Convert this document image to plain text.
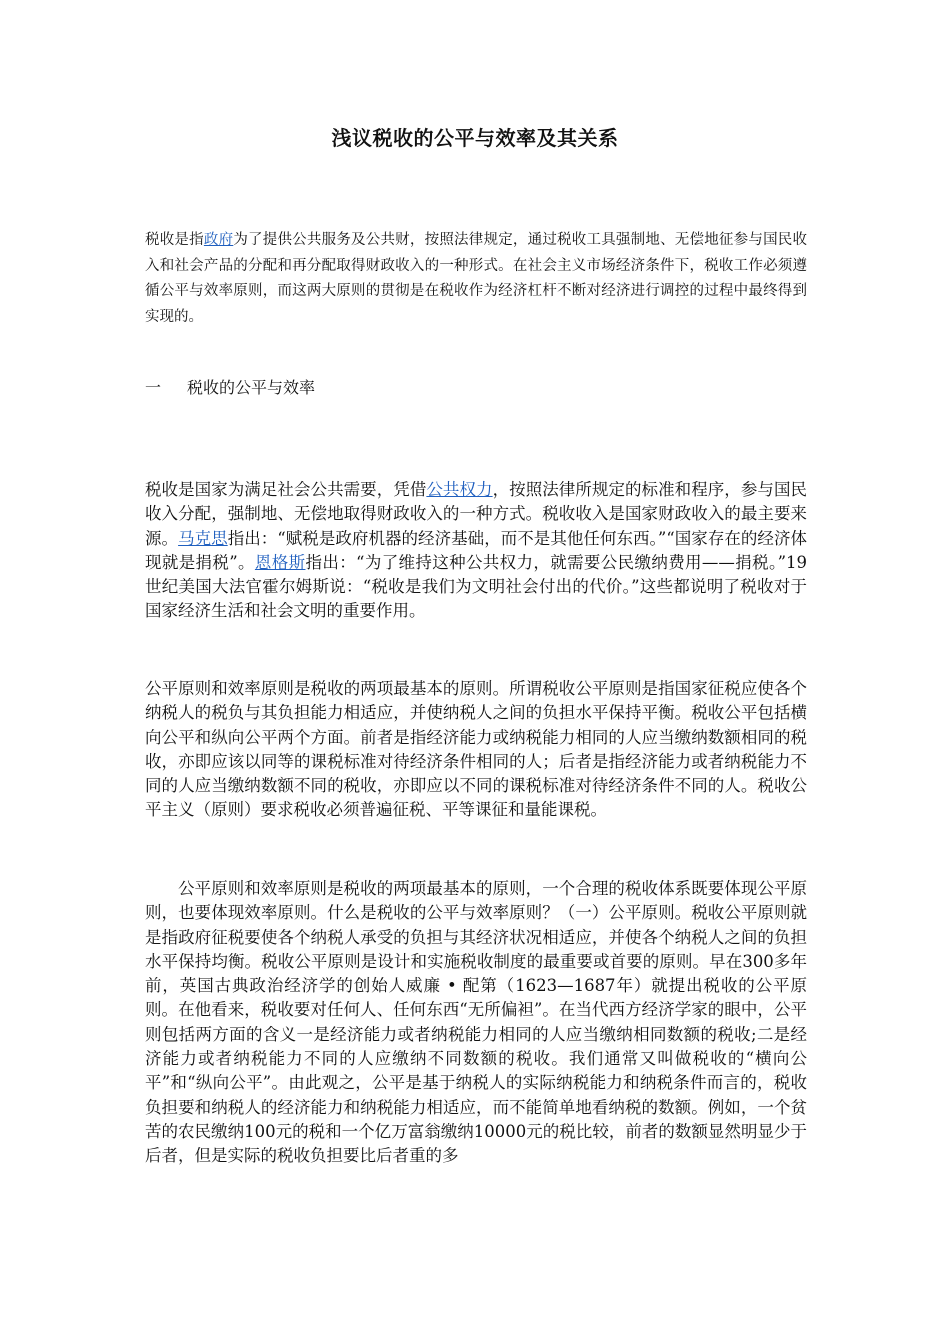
浅议税收的公平与效率及其关系

税收是指政府为了提供公共服务及公共财，按照法律规定，通过税收工具强制地、无偿地征参与国民收入和社会产品的分配和再分配取得财政收入的一种形式。在社会主义市场经济条件下，税收工作必须遵循公平与效率原则，而这两大原则的贯彻是在税收作为经济杠杆不断对经济进行调控的过程中最终得到实现的。

一 税收的公平与效率

税收是国家为满足社会公共需要，凭借公共权力，按照法律所规定的标准和程序，参与国民收入分配，强制地、无偿地取得财政收入的一种方式。税收收入是国家财政收入的最主要来源。马克思指出：“赋税是政府机器的经济基础，而不是其他任何东西。”“国家存在的经济体现就是捐税”。恩格斯指出：“为了维持这种公共权力，就需要公民缴纳费用——捐税。”19 世纪美国大法官霍尔姆斯说：“税收是我们为文明社会付出的代价。”这些都说明了税收对于国家经济生活和社会文明的重要作用。

公平原则和效率原则是税收的两项最基本的原则。所谓税收公平原则是指国家征税应使各个纳税人的税负与其负担能力相适应，并使纳税人之间的负担水平保持平衡。税收公平包括横向公平和纵向公平两个方面。前者是指经济能力或纳税能力相同的人应当缴纳数额相同的税收，亦即应该以同等的课税标准对待经济条件相同的人；后者是指经济能力或者纳税能力不同的人应当缴纳数额不同的税收，亦即应以不同的课税标准对待经济条件不同的人。税收公平主义（原则）要求税收必须普遍征税、平等课征和量能课税。

公平原则和效率原则是税收的两项最基本的原则，一个合理的税收体系既要体现公平原则，也要体现效率原则。什么是税收的公平与效率原则？（一）公平原则。税收公平原则就是指政府征税要使各个纳税人承受的负担与其经济状况相适应，并使各个纳税人之间的负担水平保持均衡。税收公平原则是设计和实施税收制度的最重要或首要的原则。早在300多年前，英国古典政治经济学的创始人威廉 • 配第（1623—1687年）就提出税收的公平原则。在他看来，税收要对任何人、任何东西“无所偏袒”。在当代西方经济学家的眼中，公平则包括两方面的含义一是经济能力或者纳税能力相同的人应当缴纳相同数额的税收;二是经济能力或者纳税能力不同的人应缴纳不同数额的税收。我们通常又叫做税收的“横向公平”和“纵向公平”。由此观之，公平是基于纳税人的实际纳税能力和纳税条件而言的，税收负担要和纳税人的经济能力和纳税能力相适应，而不能简单地看纳税的数额。例如，一个贫苦的农民缴纳100元的税和一个亿万富翁缴纳10000元的税比较，前者的数额显然明显少于后者，但是实际的税收负担要比后者重的多
